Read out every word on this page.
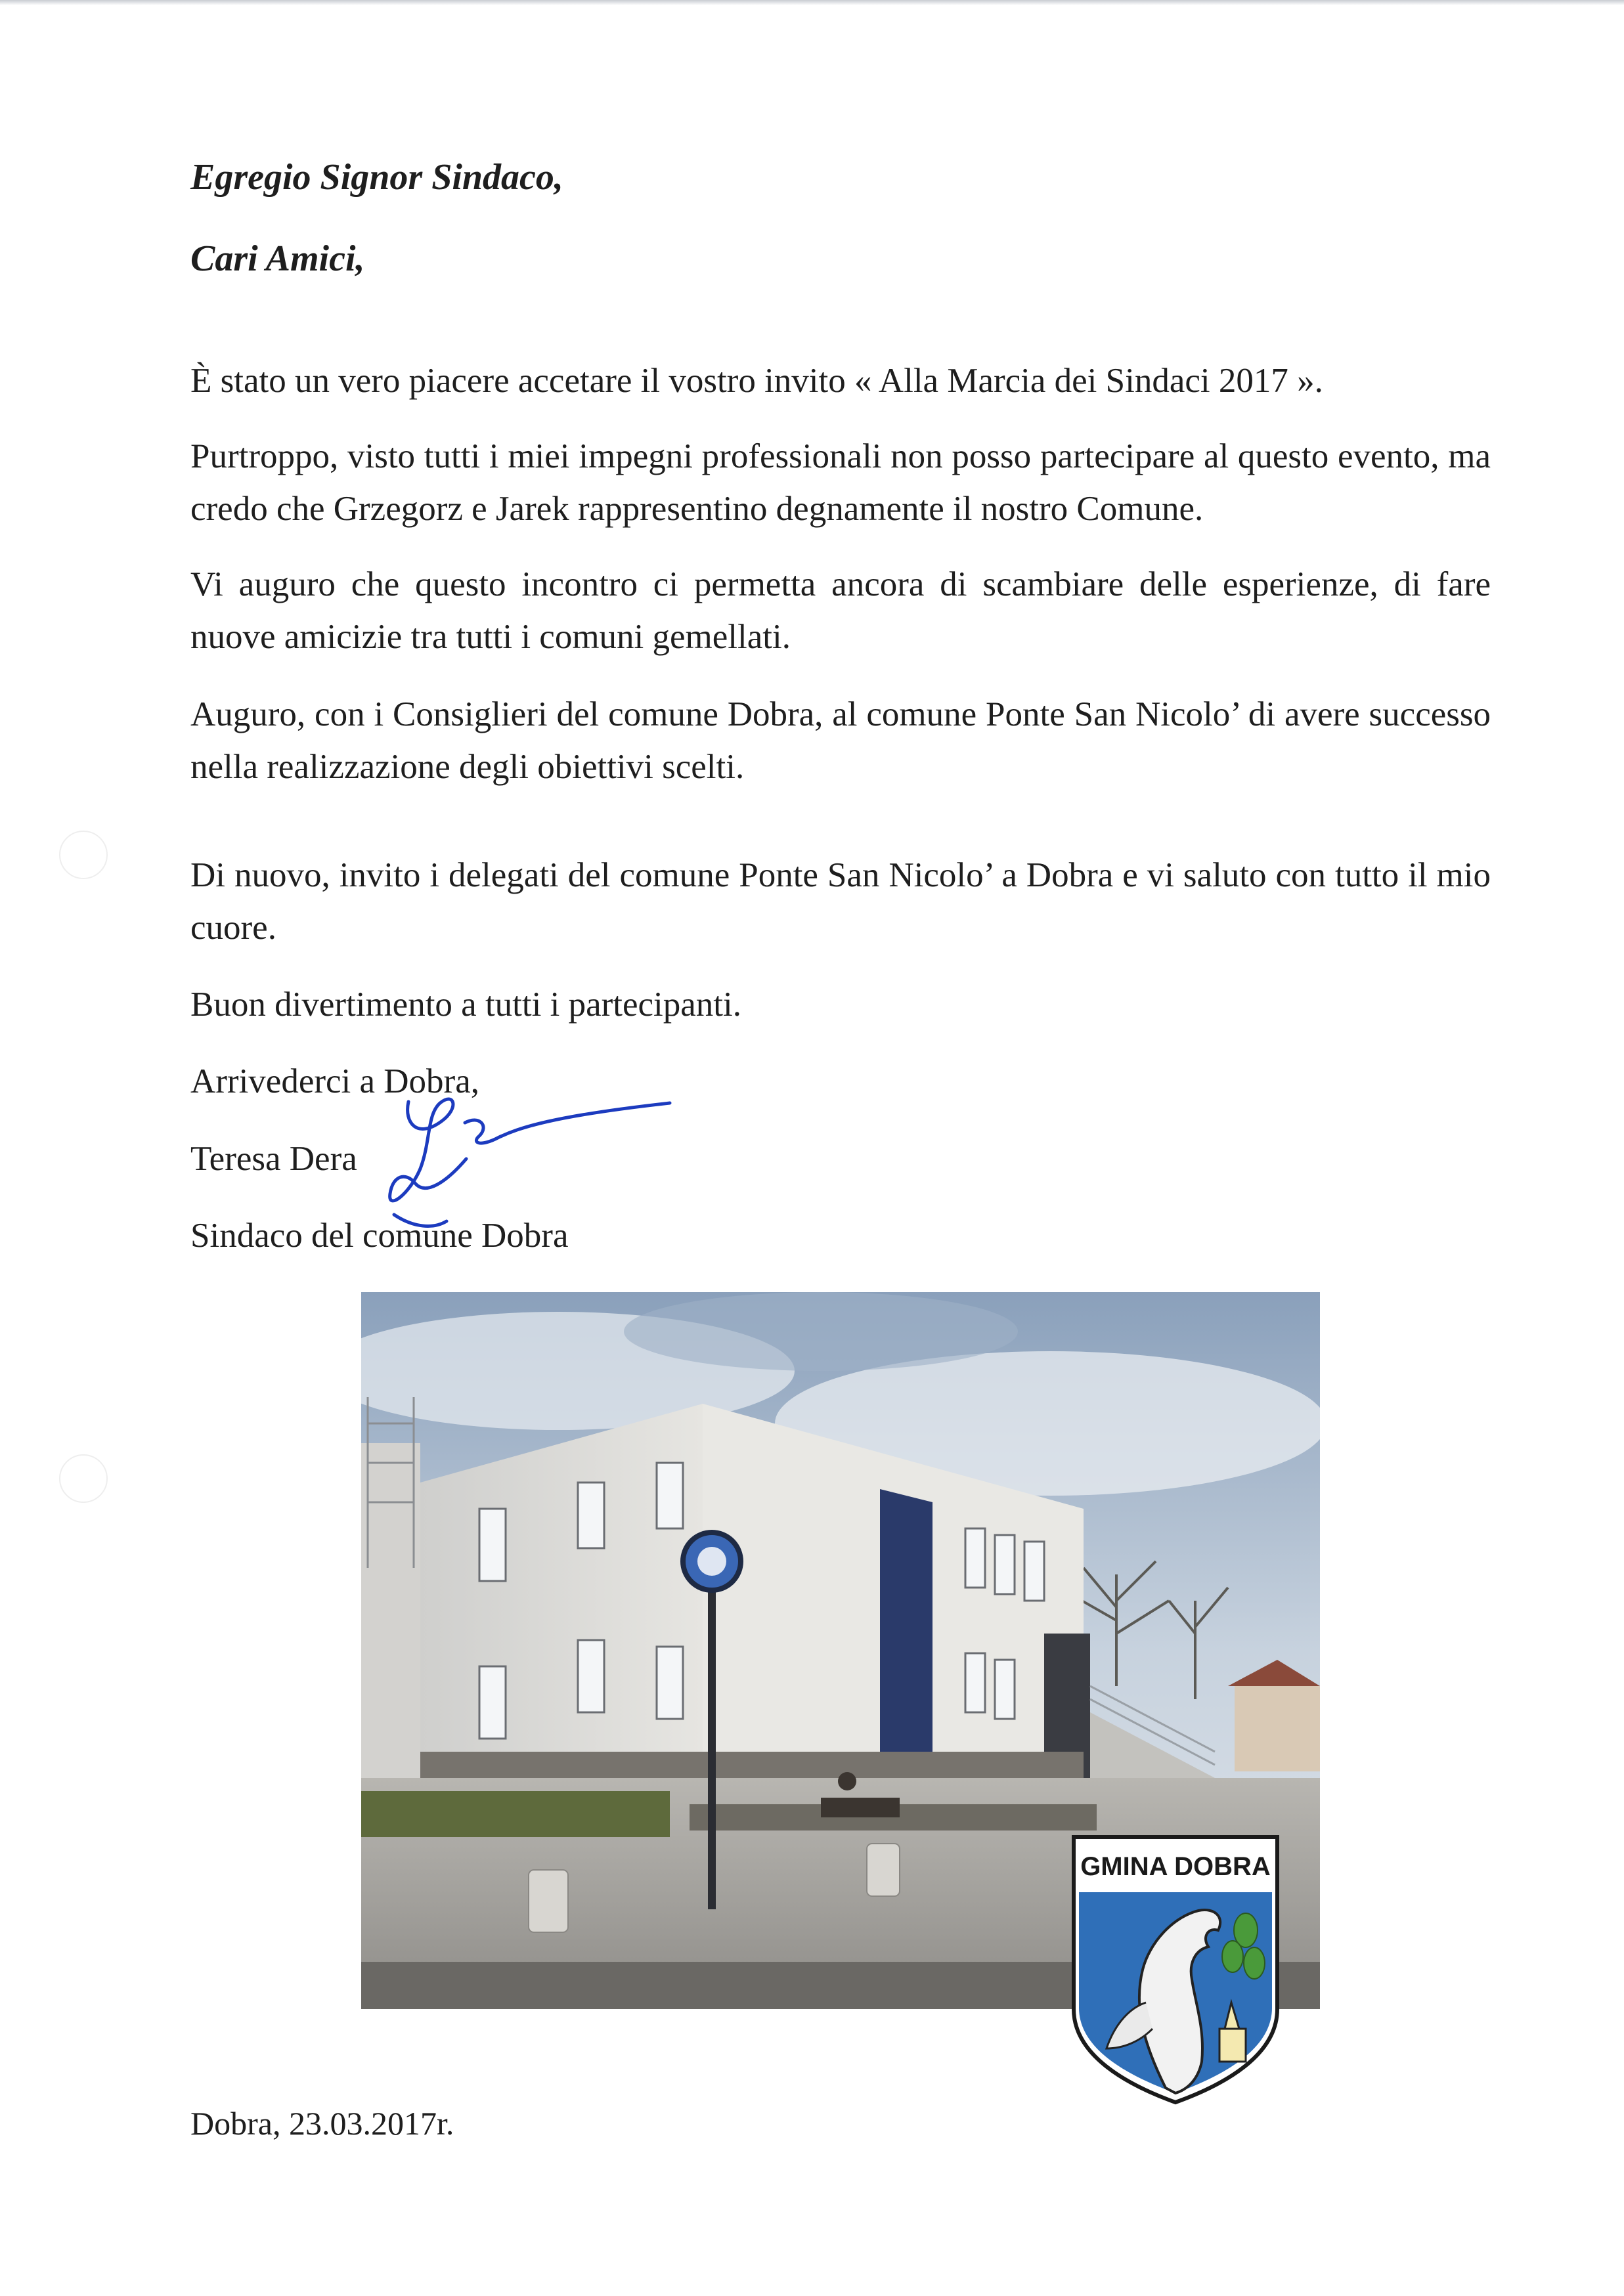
Egregio Signor Sindaco,
Cari Amici,

È stato un vero piacere accetare il vostro invito « Alla Marcia dei Sindaci 2017 ».

Purtroppo, visto tutti i miei impegni professionali non posso partecipare al questo evento, ma credo che Grzegorz e Jarek rappresentino degnamente il nostro Comune.

Vi auguro che questo incontro ci permetta ancora di scambiare delle esperienze, di fare nuove amicizie tra tutti i comuni gemellati.

Auguro, con i Consiglieri del comune Dobra, al comune Ponte San Nicolo’ di avere successo nella realizzazione degli obiettivi scelti.

Di nuovo, invito i delegati del comune Ponte San Nicolo’ a Dobra e vi saluto con tutto il mio cuore.

Buon divertimento a tutti i partecipanti.
Arrivederci a Dobra,
Teresa Dera
Sindaco del comune Dobra
GMINA DOBRA
Dobra, 23.03.2017r.
